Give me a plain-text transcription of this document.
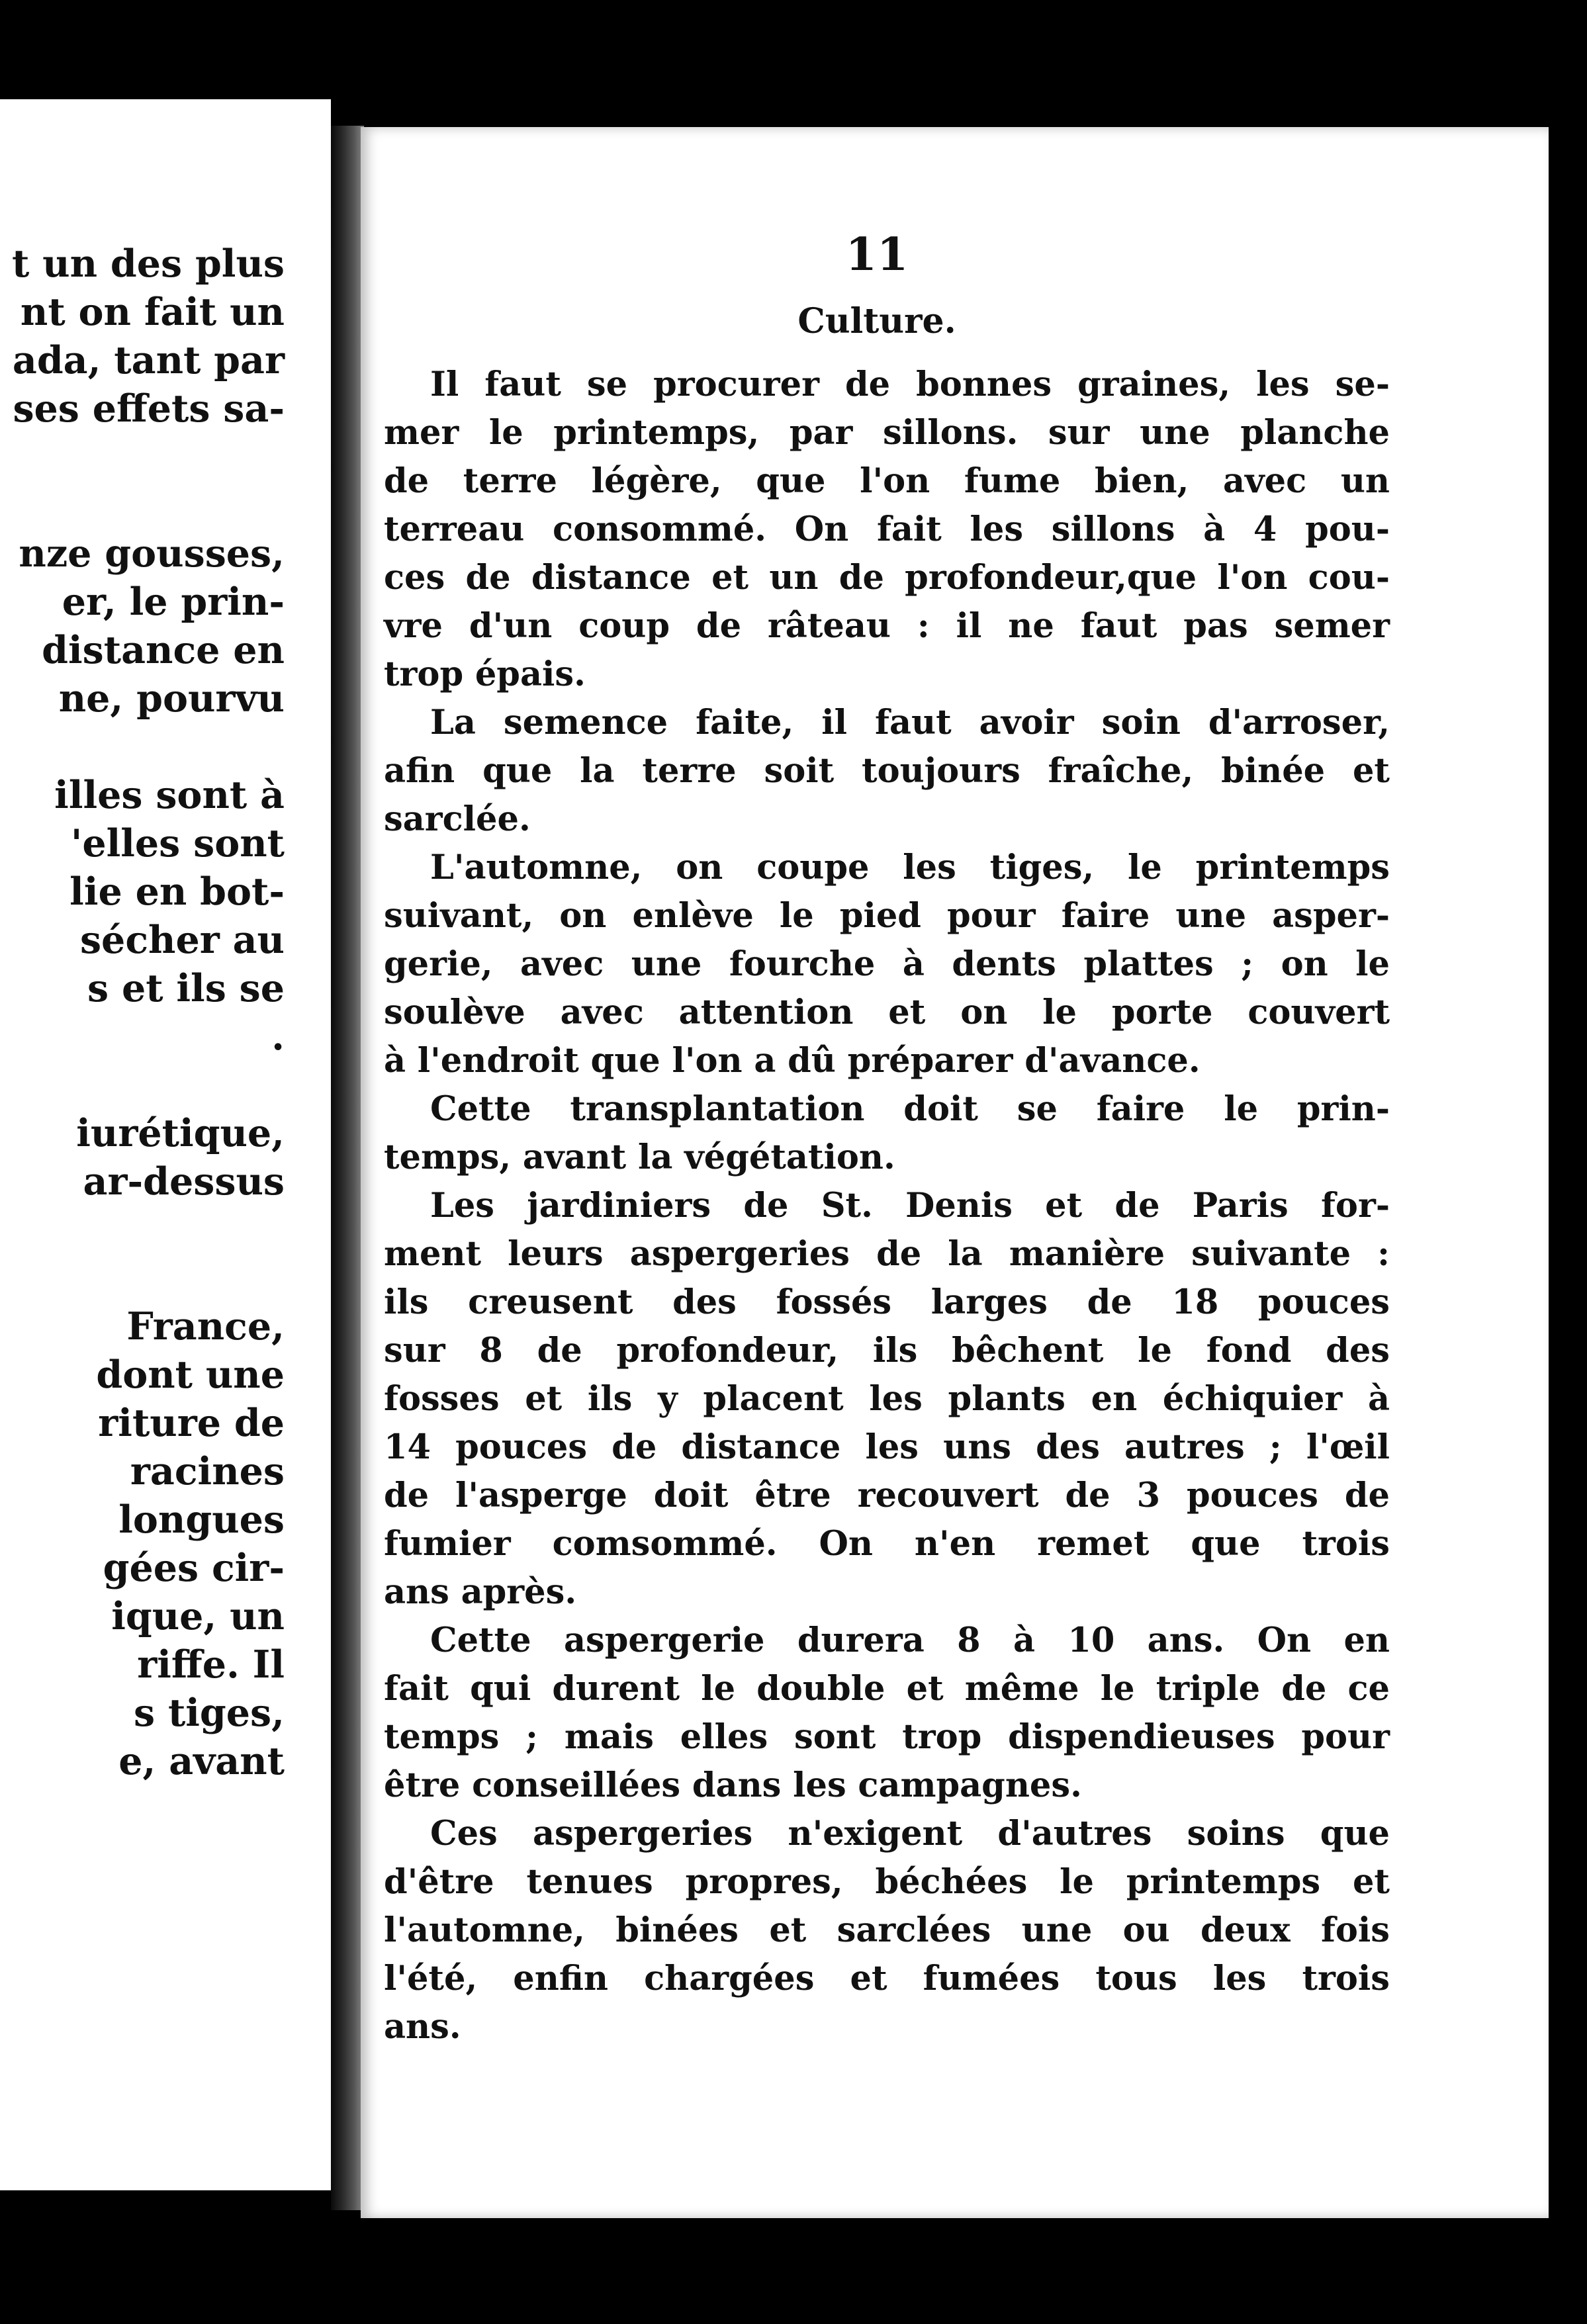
t un des plus
nt on fait un
ada, tant par
ses effets sa-
nze gousses,
er, le prin-
distance en
ne, pourvu
illes sont à
'elles sont
lie en bot-
sécher au
s et ils se
.
iurétique,
ar-dessus
France,
dont une
riture de
racines
longues
gées cir-
ique, un
riffe. Il
s tiges,
e, avant
11
Culture.
Il faut se procurer de bonnes graines, les se-
mer le printemps, par sillons. sur une planche
de terre légère, que l'on fume bien, avec un
terreau consommé. On fait les sillons à 4 pou-
ces de distance et un de profondeur,que l'on cou-
vre d'un coup de râteau : il ne faut pas semer
trop épais.
La semence faite, il faut avoir soin d'arroser,
afin que la terre soit toujours fraîche, binée et
sarclée.
L'automne, on coupe les tiges, le printemps
suivant, on enlève le pied pour faire une asper-
gerie, avec une fourche à dents plattes ; on le
soulève avec attention et on le porte couvert
à l'endroit que l'on a dû préparer d'avance.
Cette transplantation doit se faire le prin-
temps, avant la végétation.
Les jardiniers de St. Denis et de Paris for-
ment leurs aspergeries de la manière suivante :
ils creusent des fossés larges de 18 pouces
sur 8 de profondeur, ils bêchent le fond des
fosses et ils y placent les plants en échiquier à
14 pouces de distance les uns des autres ; l'œil
de l'asperge doit être recouvert de 3 pouces de
fumier comsommé. On n'en remet que trois
ans après.
Cette aspergerie durera 8 à 10 ans. On en
fait qui durent le double et même le triple de ce
temps ; mais elles sont trop dispendieuses pour
être conseillées dans les campagnes.
Ces aspergeries n'exigent d'autres soins que
d'être tenues propres, béchées le printemps et
l'automne, binées et sarclées une ou deux fois
l'été, enfin chargées et fumées tous les trois
ans.
